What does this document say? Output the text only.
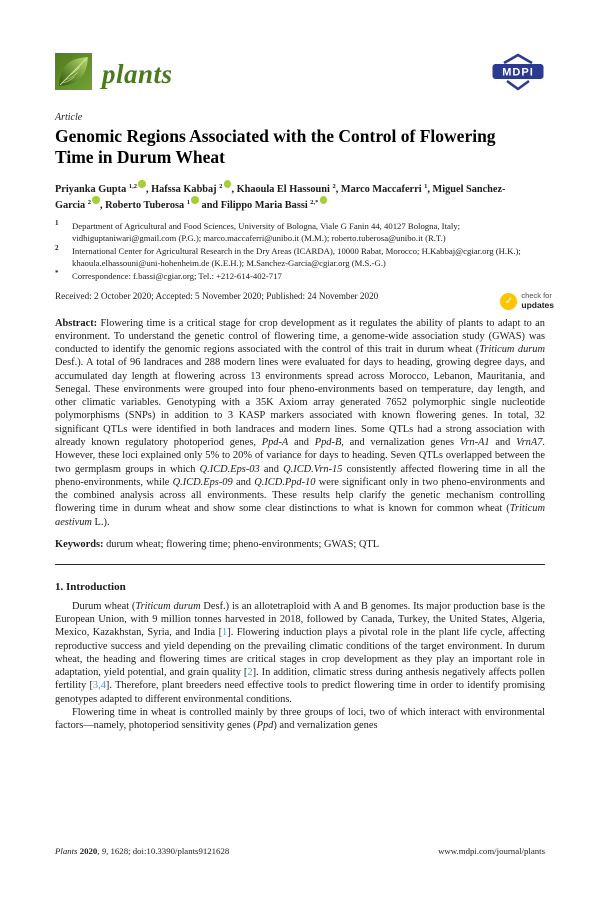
plants	MDPI
Article
Genomic Regions Associated with the Control of Flowering Time in Durum Wheat
Priyanka Gupta $^{1,2}$ , Hafssa Kabbaj $^2$ , Khaoula El Hassouni $^2$, Marco Maccaferri $^1$, Miguel Sanchez-Garcia $^2$ , Roberto Tuberosa $^1$ and Filippo Maria Bassi $^{2,*}$
1	Department of Agricultural and Food Sciences, University of Bologna, Viale G Fanin 44, 40127 Bologna, Italy; vidhiguptaniwari@gmail.com (P.G.); marco.maccaferri@unibo.it (M.M.); roberto.tuberosa@unibo.it (R.T.)
2	International Center for Agricultural Research in the Dry Areas (ICARDA), 10000 Rabat, Morocco; H.Kabbaj@cgiar.org (H.K.); khaoula.elhassouni@uni-hohenheim.de (K.E.H.); M.Sanchez-Garcia@cgiar.org (M.S.-G.)
*	Correspondence: f.bassi@cgiar.org; Tel.: +212-614-402-717
Received: 2 October 2020; Accepted: 5 November 2020; Published: 24 November 2020
✓
check for
updates
Abstract: Flowering time is a critical stage for crop development as it regulates the ability of plants to adapt to an environment. To understand the genetic control of flowering time, a genome-wide association study (GWAS) was conducted to identify the genomic regions associated with the control of this trait in durum wheat (Triticum durum Desf.). A total of 96 landraces and 288 modern lines were evaluated for days to heading, growing degree days, and accumulated day length at flowering across 13 environments spread across Morocco, Lebanon, Mauritania, and Senegal. These environments were grouped into four pheno-environments based on temperature, day length, and other climatic variables. Genotyping with a 35K Axiom array generated 7652 polymorphic single nucleotide polymorphisms (SNPs) in addition to 3 KASP markers associated with known flowering genes. In total, 32 significant QTLs were identified in both landraces and modern lines. Some QTLs had a strong association with already known regulatory photoperiod genes, Ppd-A and Ppd-B, and vernalization genes Vrn-A1 and VrnA7. However, these loci explained only 5% to 20% of variance for days to heading. Seven QTLs overlapped between the two germplasm groups in which Q.ICD.Eps-03 and Q.ICD.Vrn-15 consistently affected flowering time in all the pheno-environments, while Q.ICD.Eps-09 and Q.ICD.Ppd-10 were significant only in two pheno-environments and the combined analysis across all environments. These results help clarify the genetic mechanism controlling flowering time in durum wheat and show some clear distinctions to what is known for common wheat (Triticum aestivum L.).
Keywords: durum wheat; flowering time; pheno-environments; GWAS; QTL
1. Introduction
Durum wheat (Triticum durum Desf.) is an allotetraploid with A and B genomes. Its major production base is the European Union, with 9 million tonnes harvested in 2018, followed by Canada, Turkey, the United States, Algeria, Mexico, Kazakhstan, Syria, and India [1]. Flowering induction plays a pivotal role in the plant life cycle, affecting reproductive success and yield depending on the prevailing climatic conditions of the target environment. In durum wheat, the heading and flowering times are critical stages in crop development as they play an important role in adaptation, yield potential, and grain quality [2]. In addition, climatic stress during anthesis negatively affects pollen fertility [3,4]. Therefore, plant breeders need effective tools to predict flowering time in order to identify promising genotypes adapted to different environmental conditions.
Flowering time in wheat is controlled mainly by three groups of loci, two of which interact with environmental factors—namely, photoperiod sensitivity genes (Ppd) and vernalization genes
Plants 2020, 9, 1628; doi:10.3390/plants9121628	www.mdpi.com/journal/plants
